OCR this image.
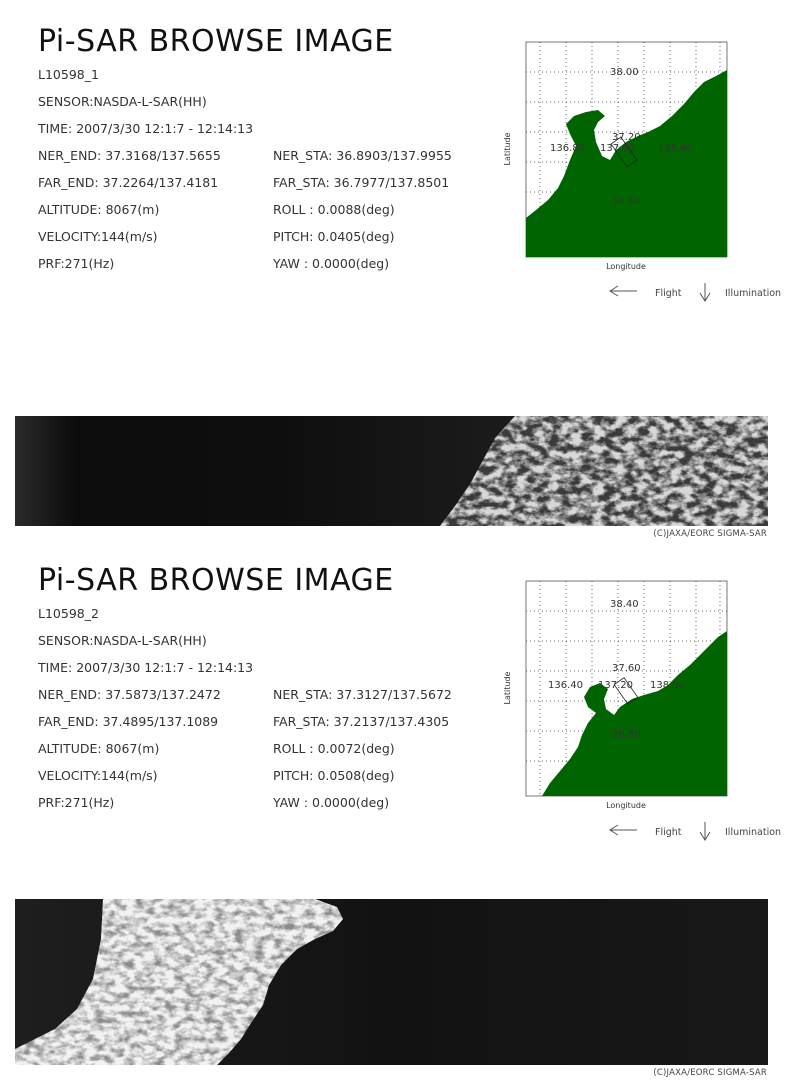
Pi-SAR BROWSE IMAGE
L10598_1
SENSOR:NASDA-L-SAR(HH)
TIME: 2007/3/30 12:1:7 - 12:14:13
NER_END: 37.3168/137.5655	NER_STA: 36.8903/137.9955
FAR_END: 37.2264/137.4181	FAR_STA: 36.7977/137.8501
ALTITUDE: 8067(m)	ROLL : 0.0088(deg)
VELOCITY:144(m/s)	PITCH: 0.0405(deg)
PRF:271(Hz)	YAW : 0.0000(deg)
38.00
37.20
36.40
136.80 137.60 138.40
Longitude
Latitude
Flight	Illumination
(C)JAXA/EORC SIGMA-SAR
Pi-SAR BROWSE IMAGE
L10598_2
SENSOR:NASDA-L-SAR(HH)
TIME: 2007/3/30 12:1:7 - 12:14:13
NER_END: 37.5873/137.2472	NER_STA: 37.3127/137.5672
FAR_END: 37.4895/137.1089	FAR_STA: 37.2137/137.4305
ALTITUDE: 8067(m)	ROLL : 0.0072(deg)
VELOCITY:144(m/s)	PITCH: 0.0508(deg)
PRF:271(Hz)	YAW : 0.0000(deg)
38.40
37.60
36.80
136.40 137.20 138.00
Longitude
Latitude
Flight	Illumination
(C)JAXA/EORC SIGMA-SAR
